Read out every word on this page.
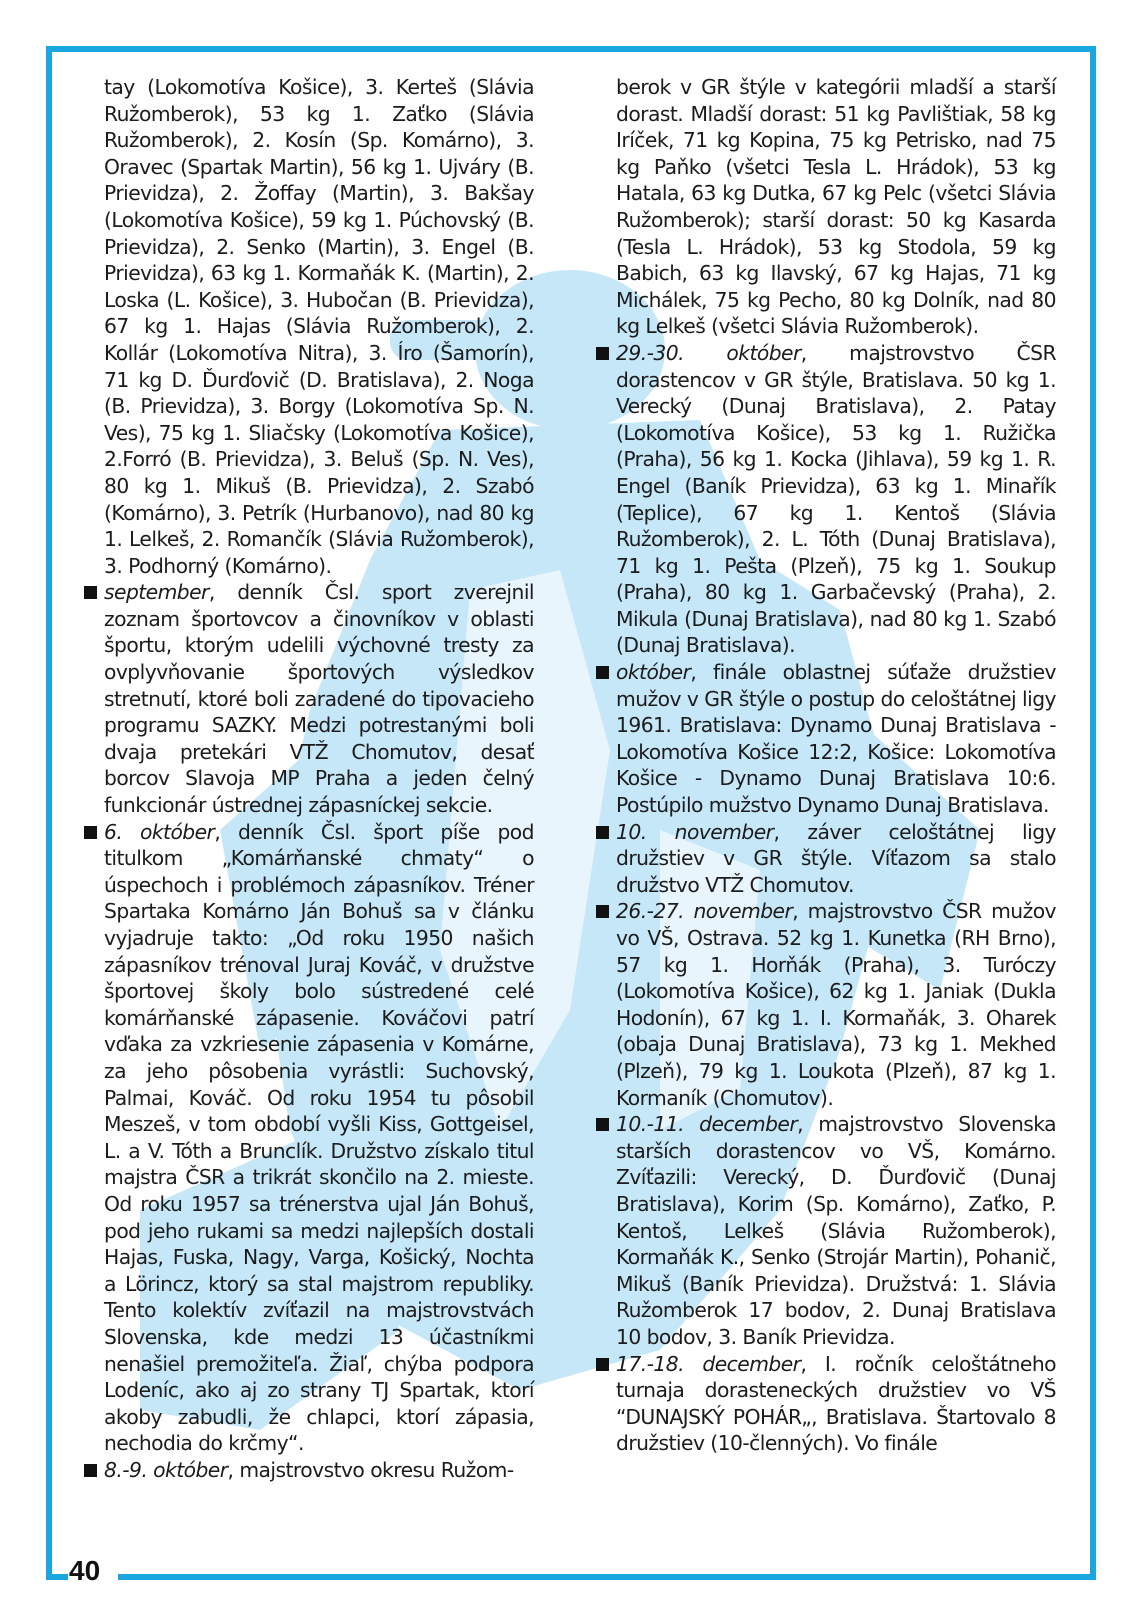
tay (Lokomotíva Košice), 3. Kerteš (Slávia Ružomberok), 53 kg 1. Zaťko (Slávia Ružomberok), 2. Kosín (Sp. Komárno), 3. Oravec (Spartak Martin), 56 kg 1. Ujváry (B. Prievidza), 2. Žoffay (Martin), 3. Bakšay (Lokomotíva Košice), 59 kg 1. Púchovský (B. Prievidza), 2. Senko (Martin), 3. Engel (B. Prievidza), 63 kg 1. Kormaňák K. (Martin), 2. Loska (L. Košice), 3. Hubočan (B. Prievidza), 67 kg 1. Hajas (Slávia Ružomberok), 2. Kollár (Lokomotíva Nitra), 3. Íro (Šamorín), 71 kg D. Ďurďovič (D. Bratislava), 2. Noga (B. Prievidza), 3. Borgy (Lokomotíva Sp. N. Ves), 75 kg 1. Sliačsky (Lokomotíva Košice), 2.Forró (B. Prievidza), 3. Beluš (Sp. N. Ves), 80 kg 1. Mikuš (B. Prievidza), 2. Szabó (Komárno), 3. Petrík (Hurbanovo), nad 80 kg 1. Lelkeš, 2. Romančík (Slávia Ružomberok), 3. Podhorný (Komárno).

september, denník Čsl. sport zverejnil zoznam športovcov a činovníkov v oblasti športu, ktorým udelili výchovné tresty za ovplyvňovanie športových výsledkov stretnutí, ktoré boli zaradené do tipovacieho programu SAZKY. Medzi potrestanými boli dvaja pretekári VTŽ Chomutov, desať borcov Slavoja MP Praha a jeden čelný funkcionár ústrednej zápasníckej sekcie.

6. október, denník Čsl. šport píše pod titulkom „Komárňanské chmaty“ o úspechoch i problémoch zápasníkov. Tréner Spartaka Komárno Ján Bohuš sa v článku vyjadruje takto: „Od roku 1950 našich zápasníkov trénoval Juraj Kováč, v družstve športovej školy bolo sústredené celé komárňanské zápasenie. Kováčovi patrí vďaka za vzkriesenie zápasenia v Komárne, za jeho pôsobenia vyrástli: Suchovský, Palmai, Kováč. Od roku 1954 tu pôsobil Meszeš, v tom období vyšli Kiss, Gottgeisel, L. a V. Tóth a Brunclík. Družstvo získalo titul majstra ČSR a trikrát skončilo na 2. mieste. Od roku 1957 sa trénerstva ujal Ján Bohuš, pod jeho rukami sa medzi najlepších dostali Hajas, Fuska, Nagy, Varga, Košický, Nochta a Lörincz, ktorý sa stal majstrom republiky. Tento kolektív zvíťazil na majstrovstvách Slovenska, kde medzi 13 účastníkmi nenašiel premožiteľa. Žiaľ, chýba podpora Lodeníc, ako aj zo strany TJ Spartak, ktorí akoby zabudli, že chlapci, ktorí zápasia, nechodia do krčmy“.

8.-9. október, majstrovstvo okresu Ružom-

berok v GR štýle v kategórii mladší a starší dorast. Mladší dorast: 51 kg Pavlištiak, 58 kg Iríček, 71 kg Kopina, 75 kg Petrisko, nad 75 kg Paňko (všetci Tesla L. Hrádok), 53 kg Hatala, 63 kg Dutka, 67 kg Pelc (všetci Slávia Ružomberok); starší dorast: 50 kg Kasarda (Tesla L. Hrádok), 53 kg Stodola, 59 kg Babich, 63 kg Ilavský, 67 kg Hajas, 71 kg Michálek, 75 kg Pecho, 80 kg Dolník, nad 80 kg Lelkeš (všetci Slávia Ružomberok).

29.-30. október, majstrovstvo ČSR dorastencov v GR štýle, Bratislava. 50 kg 1. Verecký (Dunaj Bratislava), 2. Patay (Lokomotíva Košice), 53 kg 1. Ružička (Praha), 56 kg 1. Kocka (Jihlava), 59 kg 1. R. Engel (Baník Prievidza), 63 kg 1. Minařík (Teplice), 67 kg 1. Kentoš (Slávia Ružomberok), 2. L. Tóth (Dunaj Bratislava), 71 kg 1. Pešta (Plzeň), 75 kg 1. Soukup (Praha), 80 kg 1. Garbačevský (Praha), 2. Mikula (Dunaj Bratislava), nad 80 kg 1. Szabó (Dunaj Bratislava).

október, finále oblastnej súťaže družstiev mužov v GR štýle o postup do celoštátnej ligy 1961. Bratislava: Dynamo Dunaj Bratislava - Lokomotíva Košice 12:2, Košice: Lokomotíva Košice - Dynamo Dunaj Bratislava 10:6. Postúpilo mužstvo Dynamo Dunaj Bratislava.

10. november, záver celoštátnej ligy družstiev v GR štýle. Víťazom sa stalo družstvo VTŽ Chomutov.

26.-27. november, majstrovstvo ČSR mužov vo VŠ, Ostrava. 52 kg 1. Kunetka (RH Brno), 57 kg 1. Horňák (Praha), 3. Turóczy (Lokomotíva Košice), 62 kg 1. Janiak (Dukla Hodonín), 67 kg 1. I. Kormaňák, 3. Oharek (obaja Dunaj Bratislava), 73 kg 1. Mekhed (Plzeň), 79 kg 1. Loukota (Plzeň), 87 kg 1. Kormaník (Chomutov).

10.-11. december, majstrovstvo Slovenska starších dorastencov vo VŠ, Komárno. Zvíťazili: Verecký, D. Ďurďovič (Dunaj Bratislava), Korim (Sp. Komárno), Zaťko, P. Kentoš, Lelkeš (Slávia Ružomberok), Kormaňák K., Senko (Strojár Martin), Pohanič, Mikuš (Baník Prievidza). Družstvá: 1. Slávia Ružomberok 17 bodov, 2. Dunaj Bratislava 10 bodov, 3. Baník Prievidza.

17.-18. december, I. ročník celoštátneho turnaja dorasteneckých družstiev vo VŠ “DUNAJSKÝ POHÁR„, Bratislava. Štartovalo 8 družstiev (10-členných). Vo finále

40
